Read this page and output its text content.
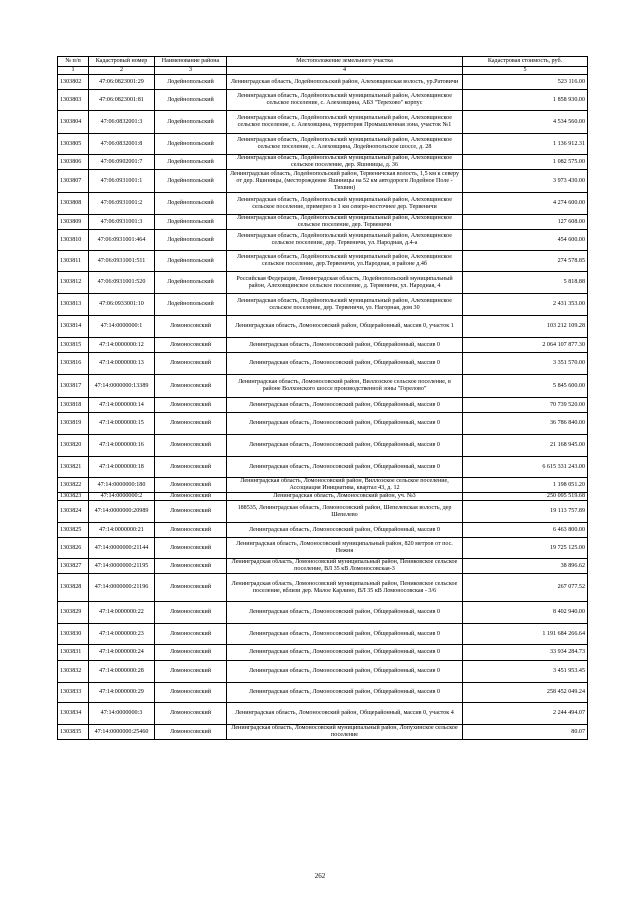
№ п/п	Кадастровый номер	Наименование района	Местоположение земельного участка	Кадастровая стоимость, руб.
1	2	3	4	5
1303802	47:06:0823001:29	Лодейнопольский	Ленинградская область, Лодейнопольский район, Алеховщинская волость, ур.Ратовичи	523 116.00
1303803	47:06:0823001:81	Лодейнопольский	Ленинградская область, Лодейнопольский муниципальный район, Алеховщинское сельское поселение, с. Алеховщина, АБЗ "Терехово" корпус	1 858 930.00
1303804	47:06:0832001:3	Лодейнопольский	Ленинградская область, Лодейнопольский муниципальный район, Алеховщинское сельское поселение, с. Алеховщина, территория Промышленная зона, участок №1	4 534 560.00
1303805	47:06:0832001:8	Лодейнопольский	Ленинградская область, Лодейнопольский муниципальный район, Алеховщинское сельское поселение, с. Алеховщина, Лодейнопольское шоссе, д. 28	1 136 912.31
1303806	47:06:0902001:7	Лодейнопольский	Ленинградская область, Лодейнопольский муниципальный район, Алеховщинское сельское поселение, дер. Яшнницы, д. 36	1 082 575.00
1303807	47:06:0931001:1	Лодейнопольский	Ленинградская область, Лодейнопольский район, Тервеничская волость, 1,5 км к северу от дер. Яшнницы, (месторождение Яшнницы на 52 км автодороги Лодейное Поле - Тихвин)	3 973 430.00
1303808	47:06:0931001:2	Лодейнопольский	Ленинградская область, Лодейнопольский муниципальный район, Алеховщинское сельское поселение, примерно в 1 км северо-восточнее дер. Тервеничи	4 274 600.00
1303809	47:06:0931001:3	Лодейнопольский	Ленинградская область, Лодейнопольский муниципальный район, Алеховщинское сельское поселение, дер. Тервеничи	127 608.00
1303810	47:06:0931001:464	Лодейнопольский	Ленинградская область, Лодейнопольский муниципальный район, Алеховщинское сельское поселение, дер. Тервеничи, ул. Народная, д.4-а	454 600.00
1303811	47:06:0931001:511	Лодейнопольский	Ленинградская область, Лодейнопольский муниципальный район, Алеховщинское сельское поселение, дер.Тервеничи, ул.Народная, в районе д.4б	274 578.85
1303812	47:06:0931001:520	Лодейнопольский	Российская Федерация, Ленинградская область, Лодейнопольский муниципальный район, Алеховщинское сельское поселение, д. Тервеничи, ул. Народная, 4	5 818.88
1303813	47:06:0933001:10	Лодейнопольский	Ленинградская область, Лодейнопольский муниципальный район, Алеховщинское сельское поселение, дер. Тервеничи, ул. Нагорная, дом 30	2 431 353.00
1303814	47:14:0000000:1	Ломоносовский	Ленинградская область, Ломоносовский район, Общерайонный, массив 0, участок 1	103 212 109.28
1303815	47:14:0000000:12	Ломоносовский	Ленинградская область, Ломоносовский район, Общерайонный, массив 0	2 064 107 877.30
1303816	47:14:0000000:13	Ломоносовский	Ленинградская область, Ломоносовский район, Общерайонный, массив 0	3 351 570.00
1303817	47:14:0000000:13389	Ломоносовский	Ленинградская область, Ломоносовский район, Виллозское сельское поселение, в районе Волхонского шоссе производственной зоны "Горелово"	5 845 600.00
1303818	47:14:0000000:14	Ломоносовский	Ленинградская область, Ломоносовский район, Общерайонный, массив 0	70 739 520.00
1303819	47:14:0000000:15	Ломоносовский	Ленинградская область, Ломоносовский район, Общерайонный, массив 0	36 786 840.00
1303820	47:14:0000000:16	Ломоносовский	Ленинградская область, Ломоносовский район, Общерайонный, массив 0	21 168 945.00
1303821	47:14:0000000:18	Ломоносовский	Ленинградская область, Ломоносовский район, Общерайонный, массив 0	6 615 331 243.00
1303822	47:14:0000000:180	Ломоносовский	Ленинградская область, Ломоносовский район, Виллозское сельское поселение, Ассоциация Инициатива, квартал 43, д. 12	1 198 051.20
1303823	47:14:0000000:2	Ломоносовский	Ленинградская область, Ломоносовский район, уч. №3	250 095 519.68
1303824	47:14:0000000:20989	Ломоносовский	188535, Ленинградская область, Ломоносовский район, Шепелевская волость, дер Шепелево	19 113 757.89
1303825	47:14:0000000:21	Ломоносовский	Ленинградская область, Ломоносовский район, Общерайонный, массив 0	6 463 800.00
1303826	47:14:0000000:21144	Ломоносовский	Ленинградская область, Ломоносовский муниципальный район, 820 метров от пос. Нежня	19 725 125.00
1303827	47:14:0000000:21195	Ломоносовский	Ленинградская область, Ломоносовский муниципальный район, Пениковское сельское поселение, ВЛ 35 кВ Ломоносовская-3	38 896.62
1303828	47:14:0000000:21196	Ломоносовский	Ленинградская область, Ломоносовский муниципальный район, Пениковское сельское поселение, вблизи дер. Малое Карлино, ВЛ 35 кВ Ломоносовская - 3/6	267 077.52
1303829	47:14:0000000:22	Ломоносовский	Ленинградская область, Ломоносовский район, Общерайонный, массив 0	8 402 940.00
1303830	47:14:0000000:23	Ломоносовский	Ленинградская область, Ломоносовский район, Общерайонный, массив 0	1 191 684 266.64
1303831	47:14:0000000:24	Ломоносовский	Ленинградская область, Ломоносовский район, Общерайонный, массив 0	33 934 284.73
1303832	47:14:0000000:28	Ломоносовский	Ленинградская область, Ломоносовский район, Общерайонный, массив 0	3 451 953.45
1303833	47:14:0000000:29	Ломоносовский	Ленинградская область, Ломоносовский район, Общерайонный, массив 0	258 452 049.24
1303834	47:14:0000000:3	Ломоносовский	Ленинградская область, Ломоносовский район, Общерайонный, массив 0, участок 4	2 244 494.07
1303835	47:14:0000000:25460	Ломоносовский	Ленинградская область, Ломоносовский муниципальный район, Лопухинское сельское поселение	80.07
262
